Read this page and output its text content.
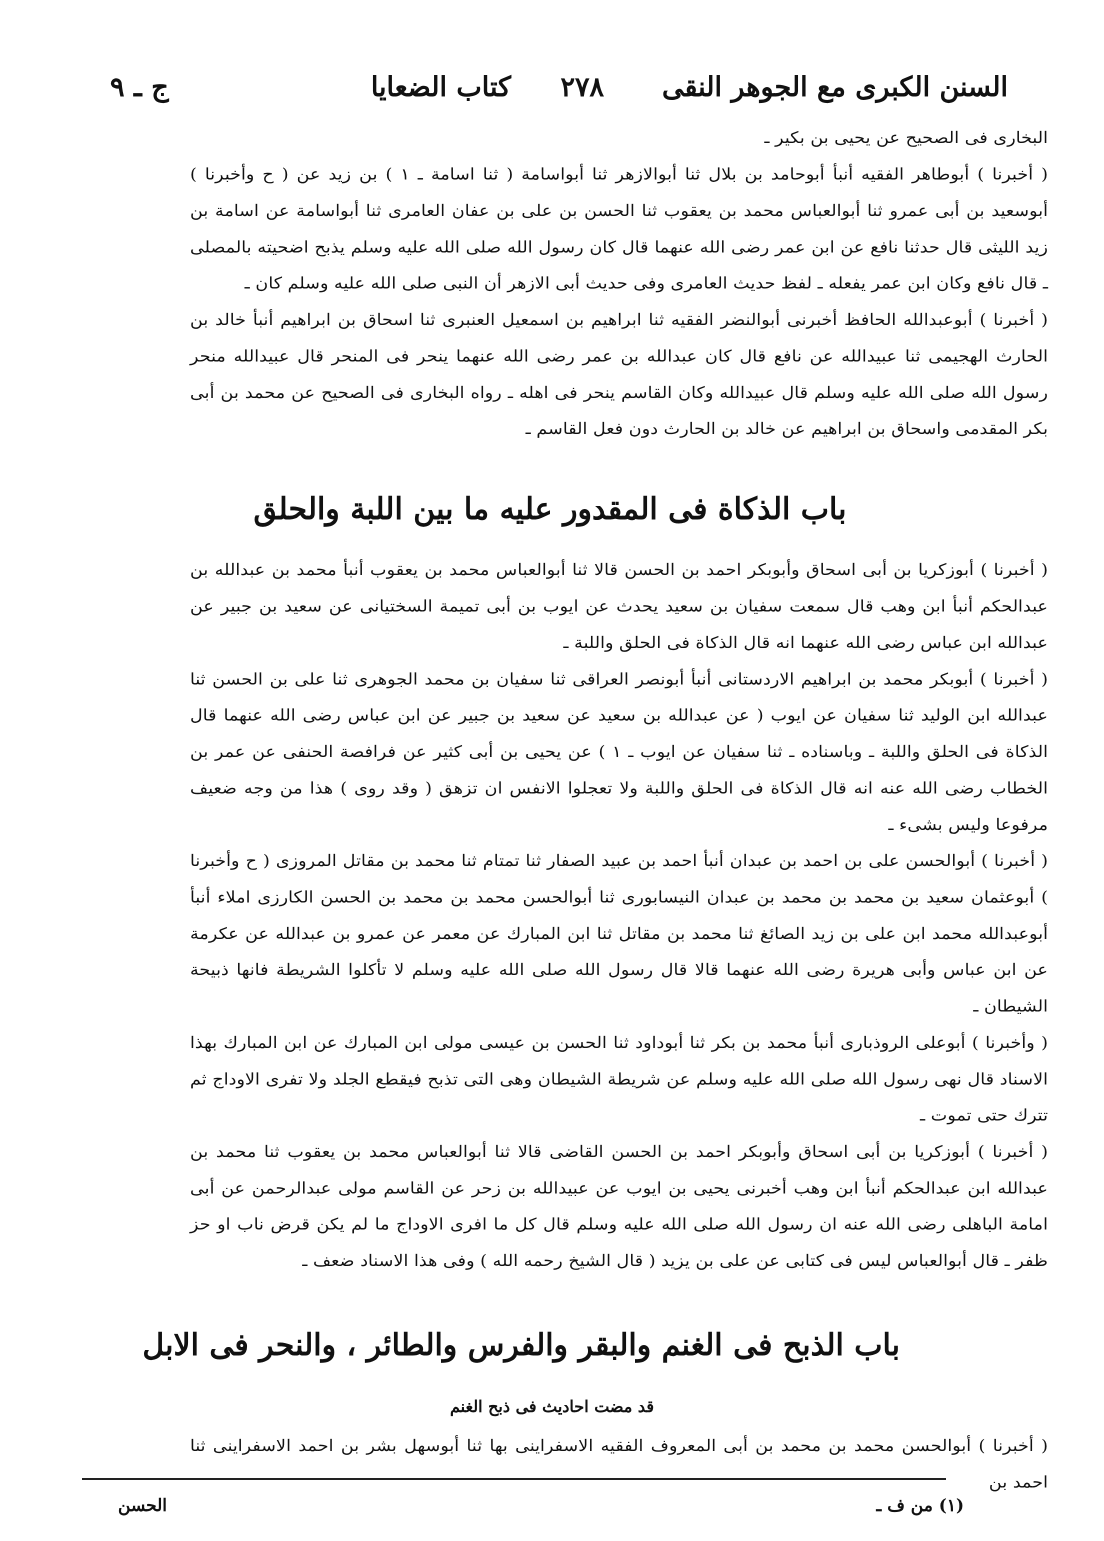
السنن الكبرى مع الجوهر النقى
٢٧٨
كتاب الضعايا
ج ـ ٩

البخارى فى الصحيح عن يحيى بن بكير ـ

( أخبرنا ) أبوطاهر الفقيه أنبأ أبوحامد بن بلال ثنا أبوالازهر ثنا أبواسامة ( ثنا اسامة ـ ١ ) بن زيد عن ( ح وأخبرنا ) أبوسعيد بن أبى عمرو ثنا أبوالعباس محمد بن يعقوب ثنا الحسن بن على بن عفان العامرى ثنا أبواسامة عن اسامة بن زيد الليثى قال حدثنا نافع عن ابن عمر رضى الله عنهما قال كان رسول الله صلى الله عليه وسلم يذبح اضحيته بالمصلى ـ قال نافع وكان ابن عمر يفعله ـ لفظ حديث العامرى وفى حديث أبى الازهر أن النبى صلى الله عليه وسلم كان ـ

( أخبرنا ) أبوعبدالله الحافظ أخبرنى أبوالنضر الفقيه ثنا ابراهيم بن اسمعيل العنبرى ثنا اسحاق بن ابراهيم أنبأ خالد بن الحارث الهجيمى ثنا عبيدالله عن نافع قال كان عبدالله بن عمر رضى الله عنهما ينحر فى المنحر قال عبيدالله منحر رسول الله صلى الله عليه وسلم قال عبيدالله وكان القاسم ينحر فى اهله ـ رواه البخارى فى الصحيح عن محمد بن أبى بكر المقدمى واسحاق بن ابراهيم عن خالد بن الحارث دون فعل القاسم ـ

باب الذكاة فى المقدور عليه ما بين اللبة والحلق

( أخبرنا ) أبوزكريا بن أبى اسحاق وأبوبكر احمد بن الحسن قالا ثنا أبوالعباس محمد بن يعقوب أنبأ محمد بن عبدالله بن عبدالحكم أنبأ ابن وهب قال سمعت سفيان بن سعيد يحدث عن ايوب بن أبى تميمة السختيانى عن سعيد بن جبير عن عبدالله ابن عباس رضى الله عنهما انه قال الذكاة فى الحلق واللبة ـ

( أخبرنا ) أبوبكر محمد بن ابراهيم الاردستانى أنبأ أبونصر العراقى ثنا سفيان بن محمد الجوهرى ثنا على بن الحسن ثنا عبدالله ابن الوليد ثنا سفيان عن ايوب ( عن عبدالله بن سعيد عن سعيد بن جبير عن ابن عباس رضى الله عنهما قال الذكاة فى الحلق واللبة ـ وباسناده ـ ثنا سفيان عن ايوب ـ ١ ) عن يحيى بن أبى كثير عن فرافصة الحنفى عن عمر بن الخطاب رضى الله عنه انه قال الذكاة فى الحلق واللبة ولا تعجلوا الانفس ان تزهق ( وقد روى ) هذا من وجه ضعيف مرفوعا وليس بشىء ـ

( أخبرنا ) أبوالحسن على بن احمد بن عبدان أنبأ احمد بن عبيد الصفار ثنا تمتام ثنا محمد بن مقاتل المروزى ( ح وأخبرنا ) أبوعثمان سعيد بن محمد بن محمد بن عبدان النيسابورى ثنا أبوالحسن محمد بن محمد بن الحسن الكارزى املاء أنبأ أبوعبدالله محمد ابن على بن زيد الصائغ ثنا محمد بن مقاتل ثنا ابن المبارك عن معمر عن عمرو بن عبدالله عن عكرمة عن ابن عباس وأبى هريرة رضى الله عنهما قالا قال رسول الله صلى الله عليه وسلم لا تأكلوا الشريطة فانها ذبيحة الشيطان ـ

( وأخبرنا ) أبوعلى الروذبارى أنبأ محمد بن بكر ثنا أبوداود ثنا الحسن بن عيسى مولى ابن المبارك عن ابن المبارك بهذا الاسناد قال نهى رسول الله صلى الله عليه وسلم عن شريطة الشيطان وهى التى تذبح فيقطع الجلد ولا تفرى الاوداج ثم تترك حتى تموت ـ

( أخبرنا ) أبوزكريا بن أبى اسحاق وأبوبكر احمد بن الحسن القاضى قالا ثنا أبوالعباس محمد بن يعقوب ثنا محمد بن عبدالله ابن عبدالحكم أنبأ ابن وهب أخبرنى يحيى بن ايوب عن عبيدالله بن زحر عن القاسم مولى عبدالرحمن عن أبى امامة الباهلى رضى الله عنه ان رسول الله صلى الله عليه وسلم قال كل ما افرى الاوداج ما لم يكن قرض ناب او حز ظفر ـ قال أبوالعباس ليس فى كتابى عن على بن يزيد ( قال الشيخ رحمه الله ) وفى هذا الاسناد ضعف ـ

باب الذبح فى الغنم والبقر والفرس والطائر ، والنحر فى الابل
قد مضت احاديث فى ذبح الغنم

( أخبرنا ) أبوالحسن محمد بن محمد بن أبى المعروف الفقيه الاسفراينى بها ثنا أبوسهل بشر بن احمد الاسفراينى ثنا احمد بن

(١) من ف ـ
الحسن
